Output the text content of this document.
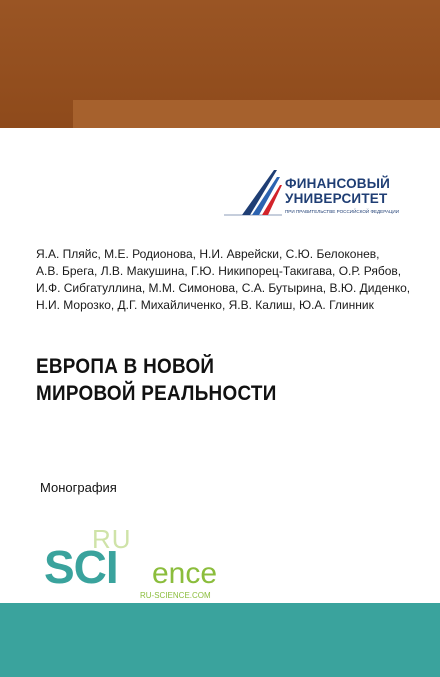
ФИНАНСОВЫЙ
УНИВЕРСИТЕТ
ПРИ ПРАВИТЕЛЬСТВЕ РОССИЙСКОЙ ФЕДЕРАЦИИ
Я.А. Пляйс, М.Е. Родионова, Н.И. Аврейски, С.Ю. Белоконев,
А.В. Брега, Л.В. Макушина, Г.Ю. Никипорец-Такигава, О.Р. Рябов,
И.Ф. Сибгатуллина, М.М. Симонова, С.А. Бутырина, В.Ю. Диденко,
Н.И. Морозко, Д.Г. Михайличенко, Я.В. Калиш, Ю.А. Глинник
ЕВРОПА В НОВОЙ
МИРОВОЙ РЕАЛЬНОСТИ
Монография
RU
SCI ence
RU-SCIENCE.COM
